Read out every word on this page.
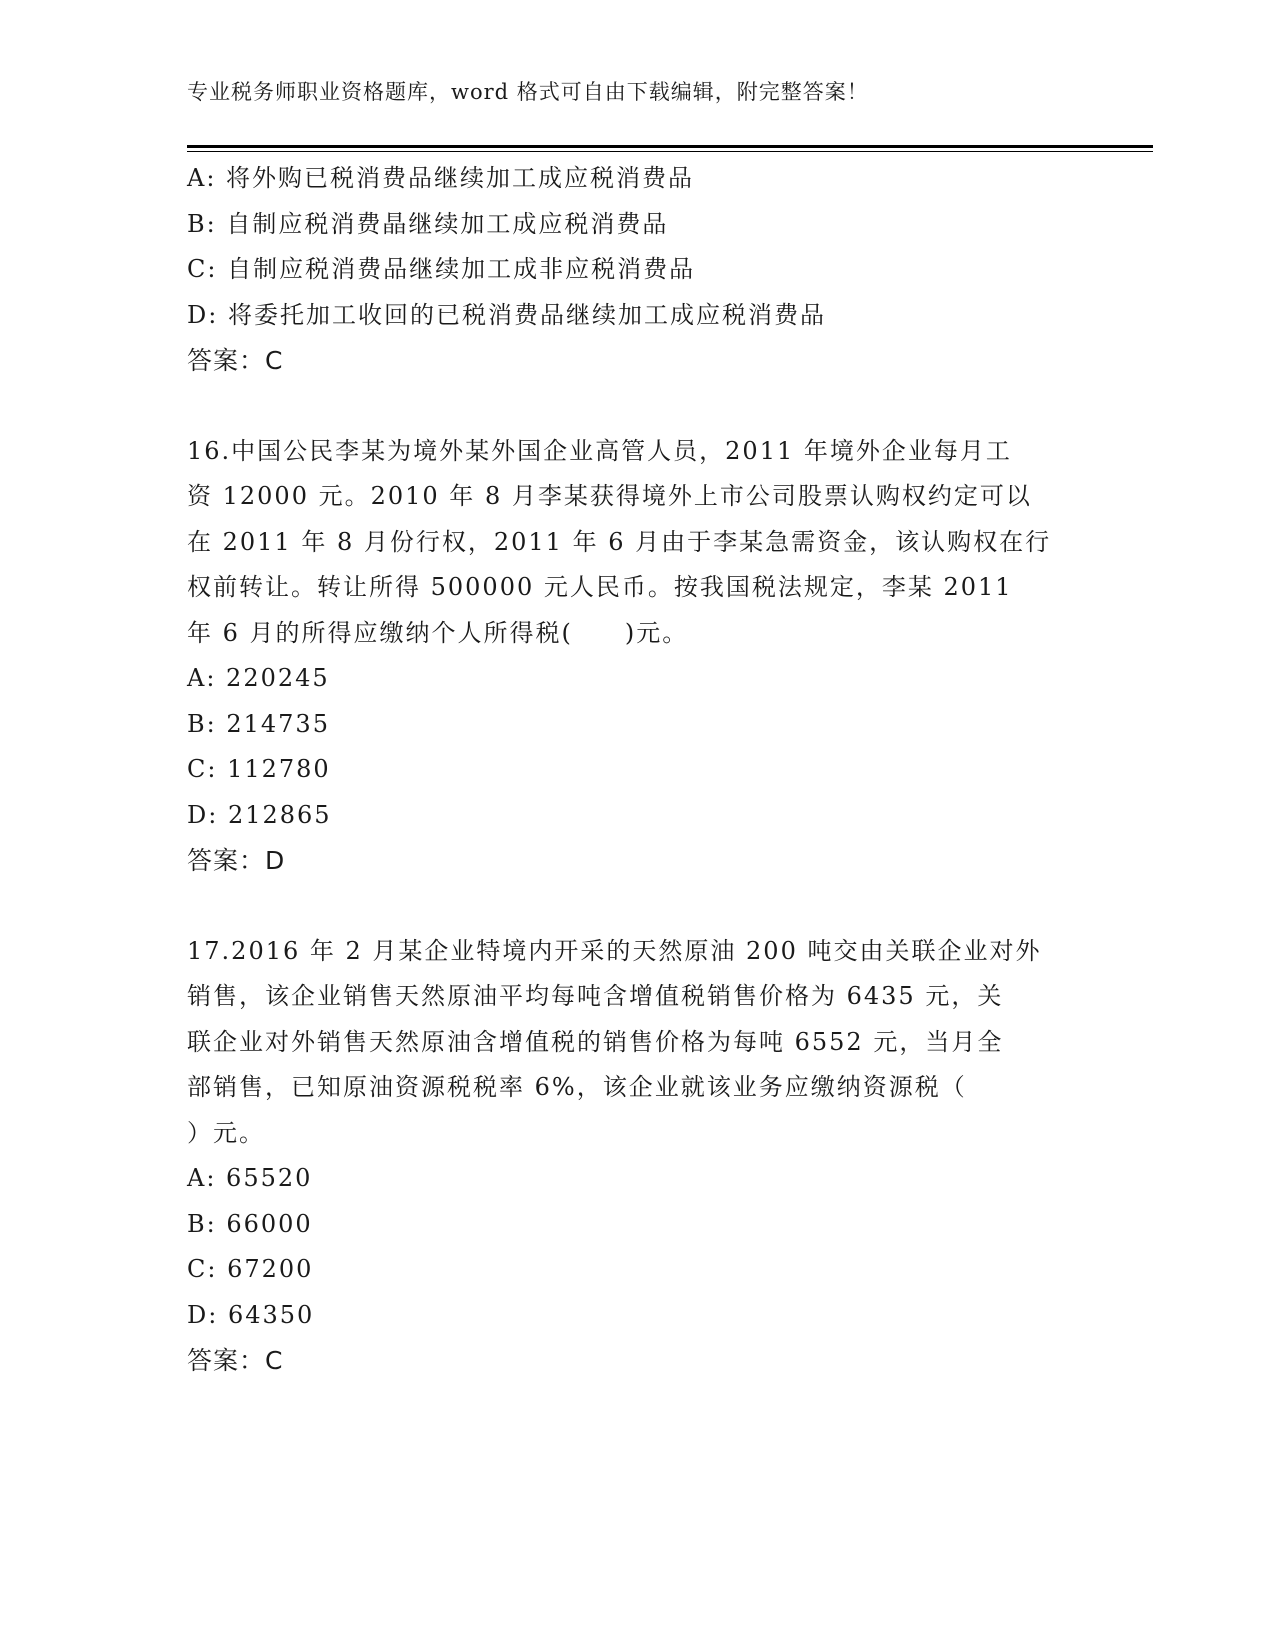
专业税务师职业资格题库，word 格式可自由下载编辑，附完整答案！
A: 将外购已税消费品继续加工成应税消费品
B: 自制应税消费晶继续加工成应税消费品
C: 自制应税消费品继续加工成非应税消费品
D: 将委托加工收回的已税消费品继续加工成应税消费品
答案：C
16.中国公民李某为境外某外国企业高管人员，2011 年境外企业每月工
资 12000 元。2010 年 8 月李某获得境外上市公司股票认购权约定可以
在 2011 年 8 月份行权，2011 年 6 月由于李某急需资金，该认购权在行
权前转让。转让所得 500000 元人民币。按我国税法规定，李某 2011
年 6 月的所得应缴纳个人所得税(　　)元。
A: 220245
B: 214735
C: 112780
D: 212865
答案：D
17.2016 年 2 月某企业特境内开采的天然原油 200 吨交由关联企业对外
销售，该企业销售天然原油平均每吨含增值税销售价格为 6435 元，关
联企业对外销售天然原油含增值税的销售价格为每吨 6552 元，当月全
部销售，已知原油资源税税率 6%，该企业就该业务应缴纳资源税（
）元。
A: 65520
B: 66000
C: 67200
D: 64350
答案：C
